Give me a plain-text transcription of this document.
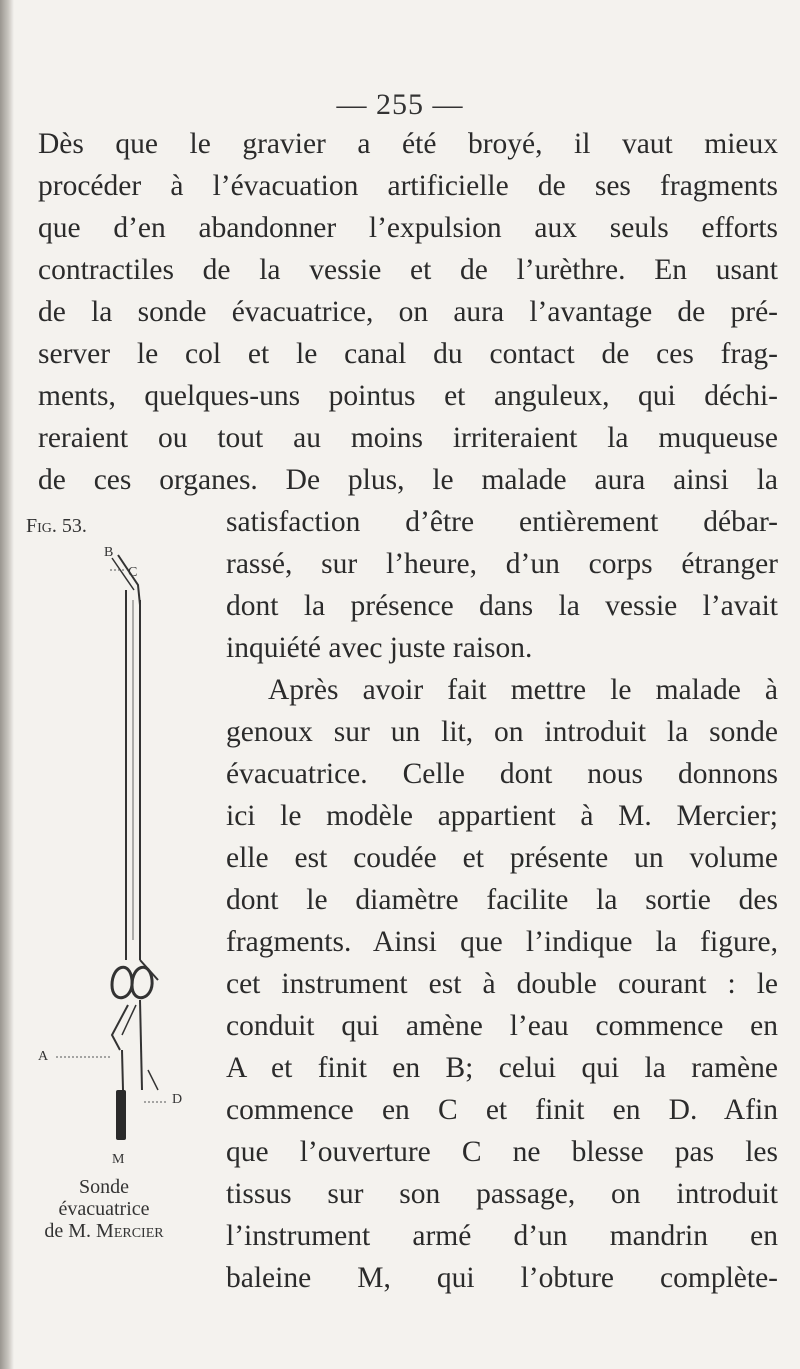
— 255 —
Dès que le gravier a été broyé, il vaut mieux
procéder à l’évacuation artificielle de ses fragments
que d’en abandonner l’expulsion aux seuls efforts
contractiles de la vessie et de l’urèthre. En usant
de la sonde évacuatrice, on aura l’avantage de pré-
server le col et le canal du contact de ces frag-
ments, quelques-uns pointus et anguleux, qui déchi-
reraient ou tout au moins irriteraient la muqueuse
de ces organes. De plus, le malade aura ainsi la
satisfaction d’être entièrement débar-
rassé, sur l’heure, d’un corps étranger
dont la présence dans la vessie l’avait
inquiété avec juste raison.
Après avoir fait mettre le malade à
genoux sur un lit, on introduit la sonde
évacuatrice. Celle dont nous donnons
ici le modèle appartient à M. Mercier;
elle est coudée et présente un volume
dont le diamètre facilite la sortie des
fragments. Ainsi que l’indique la figure,
cet instrument est à double courant : le
conduit qui amène l’eau commence en
A et finit en B; celui qui la ramène
commence en C et finit en D. Afin
que l’ouverture C ne blesse pas les
tissus sur son passage, on introduit
l’instrument armé d’un mandrin en
baleine M, qui l’obture complète-
Fig. 53.
B
C
A
D
M
Sonde
évacuatrice
de M. Mercier
